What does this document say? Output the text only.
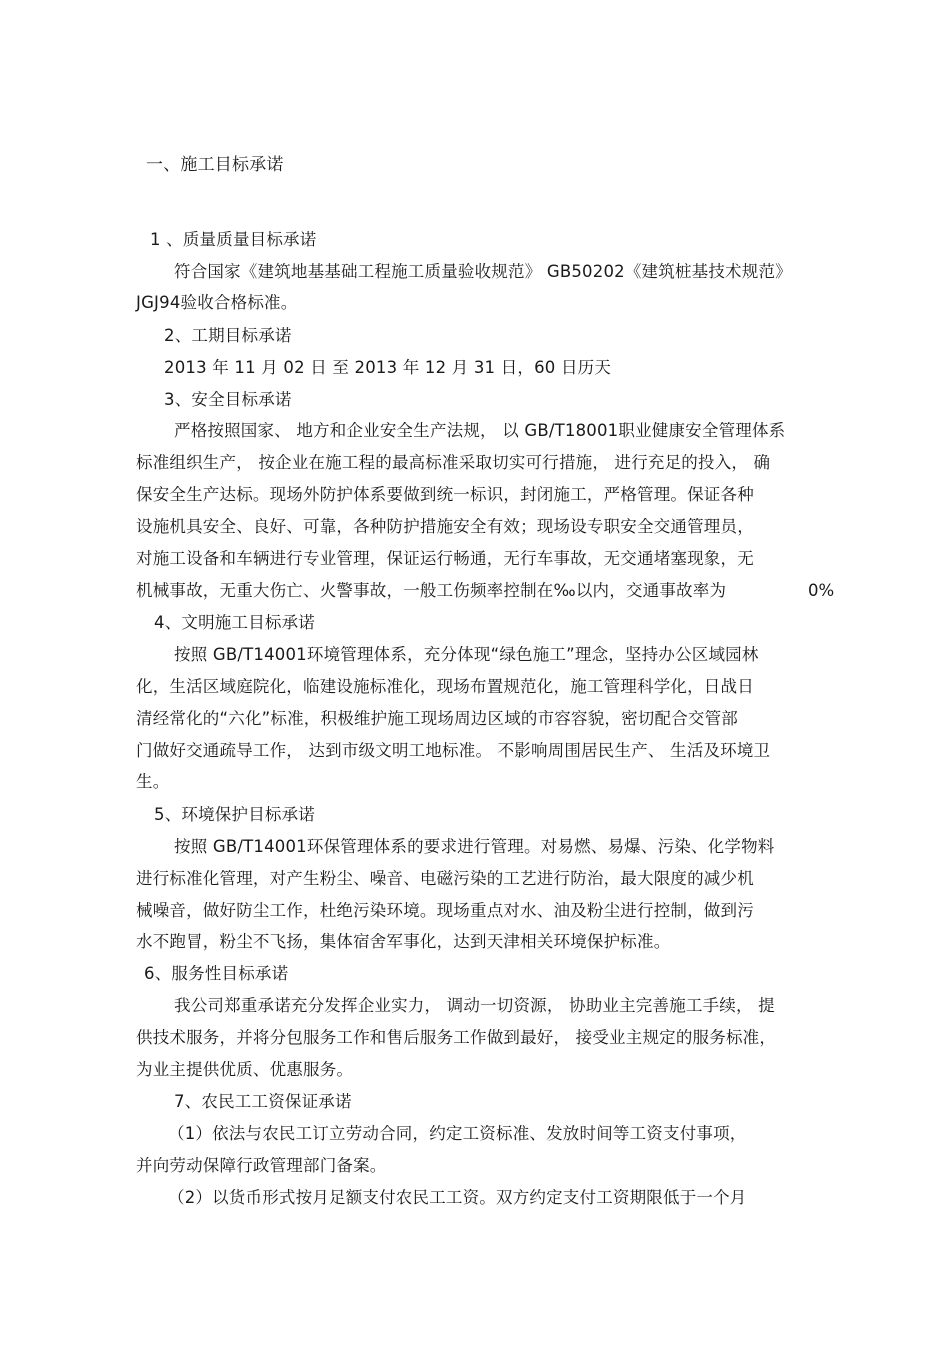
一、施工目标承诺
1 、质量质量目标承诺
符合国家《建筑地基基础工程施工质量验收规范》 GB50202《建筑桩基技术规范》
JGJ94验收合格标准。
2、工期目标承诺
2013 年 11 月 02 日 至 2013 年 12 月 31 日，60 日历天
3、安全目标承诺
严格按照国家、 地方和企业安全生产法规， 以 GB/T18001职业健康安全管理体系
标准组织生产， 按企业在施工程的最高标准采取切实可行措施， 进行充足的投入， 确
保安全生产达标。现场外防护体系要做到统一标识，封闭施工，严格管理。保证各种
设施机具安全、良好、可靠，各种防护措施安全有效；现场设专职安全交通管理员，
对施工设备和车辆进行专业管理，保证运行畅通，无行车事故，无交通堵塞现象，无
机械事故，无重大伤亡、火警事故，一般工伤频率控制在‰以内，交通事故率为	0%
4、文明施工目标承诺
按照 GB/T14001环境管理体系，充分体现“绿色施工”理念，坚持办公区域园林
化，生活区域庭院化，临建设施标准化，现场布置规范化，施工管理科学化，日战日
清经常化的“六化”标准，积极维护施工现场周边区域的市容容貌，密切配合交管部
门做好交通疏导工作， 达到市级文明工地标准。 不影响周围居民生产、 生活及环境卫
生。
5、环境保护目标承诺
按照 GB/T14001环保管理体系的要求进行管理。对易燃、易爆、污染、化学物料
进行标准化管理，对产生粉尘、噪音、电磁污染的工艺进行防治，最大限度的减少机
械噪音，做好防尘工作，杜绝污染环境。现场重点对水、油及粉尘进行控制，做到污
水不跑冒，粉尘不飞扬，集体宿舍军事化，达到天津相关环境保护标准。
6、服务性目标承诺
我公司郑重承诺充分发挥企业实力， 调动一切资源， 协助业主完善施工手续， 提
供技术服务，并将分包服务工作和售后服务工作做到最好， 接受业主规定的服务标准，
为业主提供优质、优惠服务。
7、农民工工资保证承诺
（1）依法与农民工订立劳动合同，约定工资标准、发放时间等工资支付事项，
并向劳动保障行政管理部门备案。
（2）以货币形式按月足额支付农民工工资。双方约定支付工资期限低于一个月
